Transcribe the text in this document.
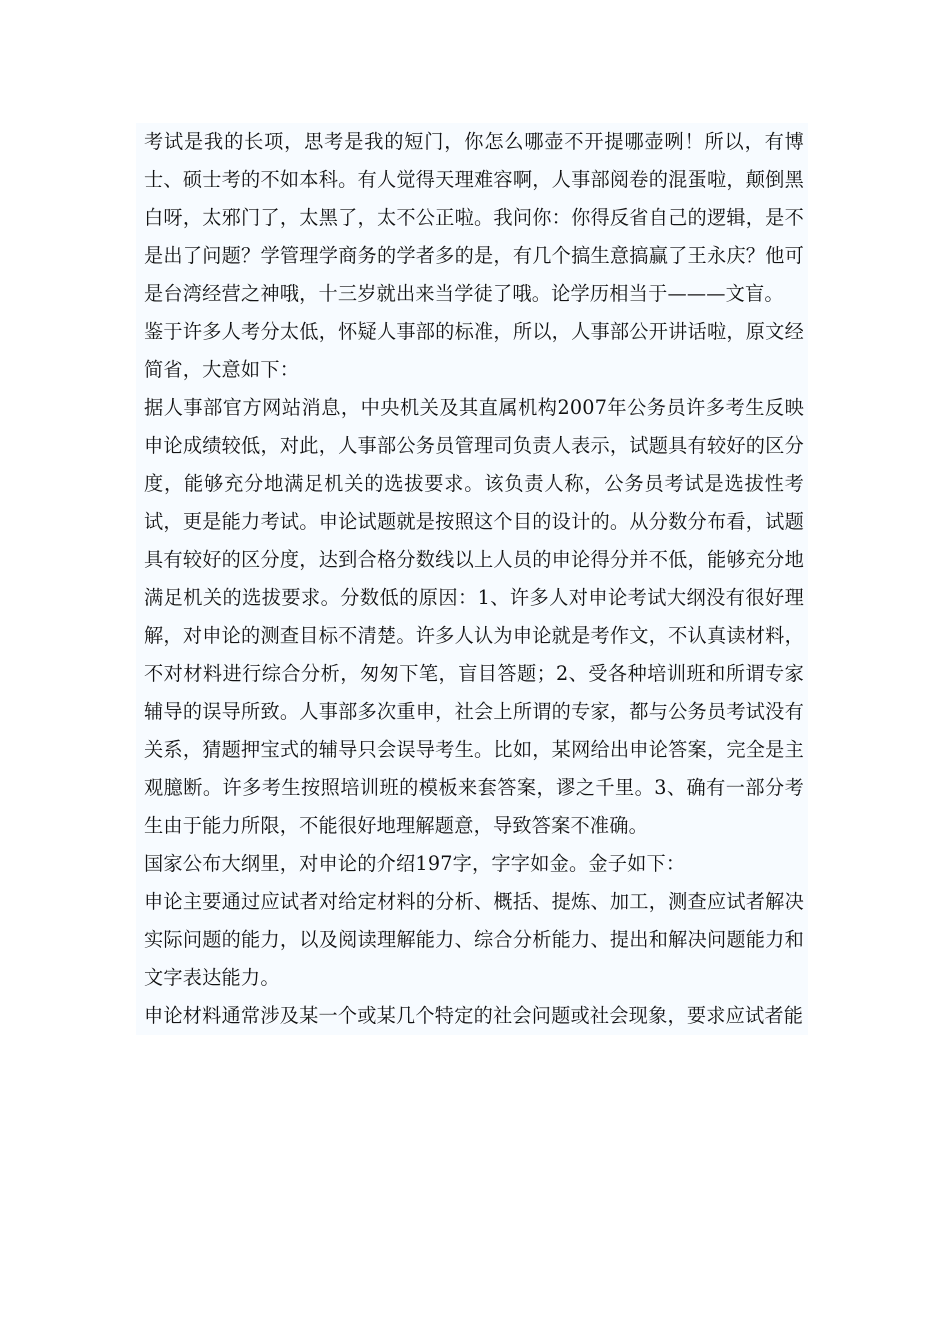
考试是我的长项，思考是我的短门，你怎么哪壶不开提哪壶咧！所以，有博士、硕士考的不如本科。有人觉得天理难容啊，人事部阅卷的混蛋啦，颠倒黑白呀，太邪门了，太黑了，太不公正啦。我问你：你得反省自己的逻辑，是不是出了问题？学管理学商务的学者多的是，有几个搞生意搞赢了王永庆？他可是台湾经营之神哦，十三岁就出来当学徒了哦。论学历相当于———文盲。

鉴于许多人考分太低，怀疑人事部的标准，所以，人事部公开讲话啦，原文经简省，大意如下：

据人事部官方网站消息，中央机关及其直属机构2007年公务员许多考生反映申论成绩较低，对此，人事部公务员管理司负责人表示，试题具有较好的区分度，能够充分地满足机关的选拔要求。该负责人称，公务员考试是选拔性考试，更是能力考试。申论试题就是按照这个目的设计的。从分数分布看，试题具有较好的区分度，达到合格分数线以上人员的申论得分并不低，能够充分地满足机关的选拔要求。分数低的原因：1、许多人对申论考试大纲没有很好理解，对申论的测查目标不清楚。许多人认为申论就是考作文，不认真读材料，不对材料进行综合分析，匆匆下笔，盲目答题；2、受各种培训班和所谓专家辅导的误导所致。人事部多次重申，社会上所谓的专家，都与公务员考试没有关系，猜题押宝式的辅导只会误导考生。比如，某网给出申论答案，完全是主观臆断。许多考生按照培训班的模板来套答案，谬之千里。3、确有一部分考生由于能力所限，不能很好地理解题意，导致答案不准确。

国家公布大纲里，对申论的介绍197字，字字如金。金子如下：

申论主要通过应试者对给定材料的分析、概括、提炼、加工，测查应试者解决实际问题的能力，以及阅读理解能力、综合分析能力、提出和解决问题能力和文字表达能力。

申论材料通常涉及某一个或某几个特定的社会问题或社会现象，要求应试者能
